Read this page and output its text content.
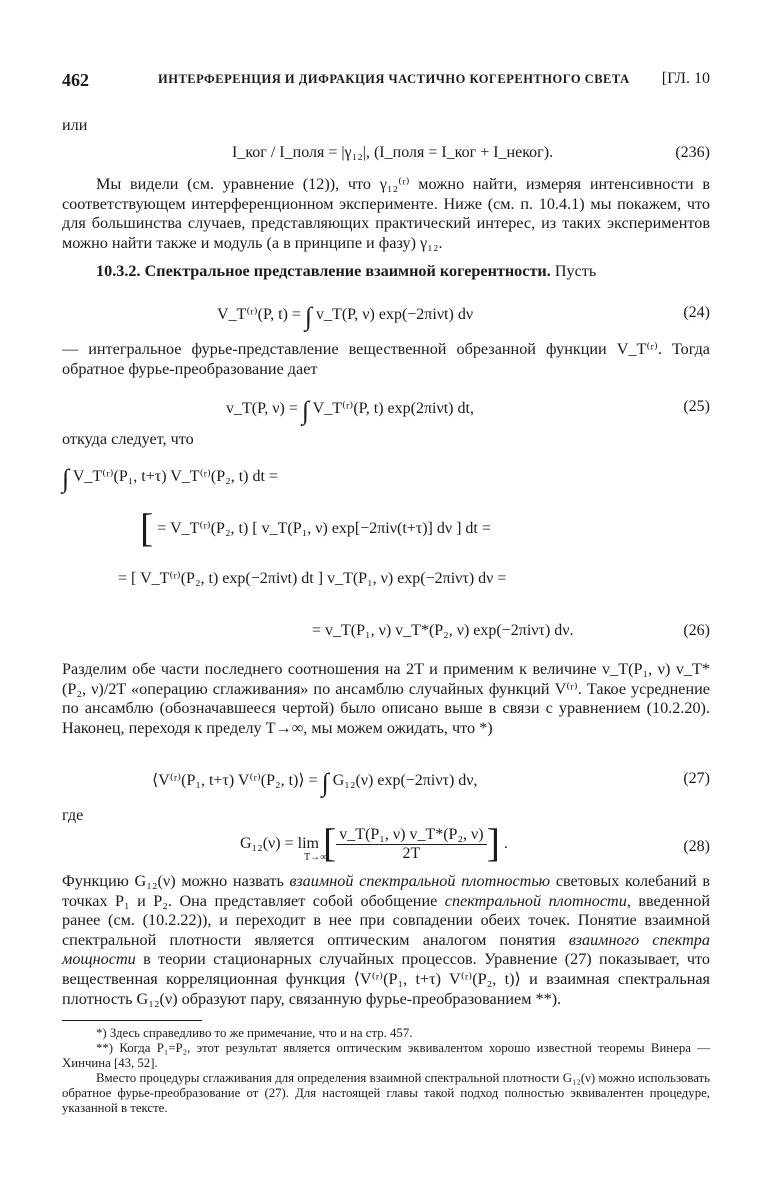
462	ИНТЕРФЕРЕНЦИЯ И ДИФРАКЦИЯ ЧАСТИЧНО КОГЕРЕНТНОГО СВЕТА [ГЛ. 10
или
I_ког / I_поля = |γ₁₂|, (I_поля = I_ког + I_неког).	(236)

Мы видели (см. уравнение (12)), что γ₁₂⁽ʳ⁾ можно найти, измеряя интенсивности в соответствующем интерференционном эксперименте. Ниже (см. п. 10.4.1) мы покажем, что для большинства случаев, представляющих практический интерес, из таких экспериментов можно найти также и модуль (а в принципе и фазу) γ₁₂.

10.3.2. Спектральное представление взаимной когерентности. Пусть

V_T⁽ʳ⁾(P, t) = ∫ v_T(P, ν) exp(−2πiνt) dν	(24)

— интегральное фурье-представление вещественной обрезанной функции V_T⁽ʳ⁾. Тогда обратное фурье-преобразование дает

v_T(P, ν) = ∫ V_T⁽ʳ⁾(P, t) exp(2πiνt) dt,	(25)

откуда следует, что

∫ V_T⁽ʳ⁾(P₁, t+τ) V_T⁽ʳ⁾(P₂, t) dt =
[ = V_T⁽ʳ⁾(P₂, t) [ v_T(P₁, ν) exp[−2πiν(t+τ)] dν ] dt =
= [ V_T⁽ʳ⁾(P₂, t) exp(−2πiνt) dt ] v_T(P₁, ν) exp(−2πiντ) dν =
= v_T(P₁, ν) v_T*(P₂, ν) exp(−2πiντ) dν.	(26)

Разделим обе части последнего соотношения на 2T и применим к величине v_T(P₁, ν) v_T*(P₂, ν)/2T «операцию сглаживания» по ансамблю случайных функций V⁽ʳ⁾. Такое усреднение по ансамблю (обозначавшееся чертой) было описано выше в связи с уравнением (10.2.20). Наконец, переходя к пределу T→∞, мы можем ожидать, что *)

⟨V⁽ʳ⁾(P₁, t+τ) V⁽ʳ⁾(P₂, t)⟩ = ∫ G₁₂(ν) exp(−2πiντ) dν,	(27)
где
G₁₂(ν) = lim [ $\frac{\text{v\_T(P₁, ν) v\_T*(P₂, ν)}}{2T}$ ] .
T→∞
(28)

Функцию G₁₂(ν) можно назвать взаимной спектральной плотностью световых колебаний в точках P₁ и P₂. Она представляет собой обобщение спектральной плотности, введенной ранее (см. (10.2.22)), и переходит в нее при совпадении обеих точек. Понятие взаимной спектральной плотности является оптическим аналогом понятия взаимного спектра мощности в теории стационарных случайных процессов. Уравнение (27) показывает, что вещественная корреляционная функция ⟨V⁽ʳ⁾(P₁, t+τ) V⁽ʳ⁾(P₂, t)⟩ и взаимная спектральная плотность G₁₂(ν) образуют пару, связанную фурье-преобразованием **).

*) Здесь справедливо то же примечание, что и на стр. 457.

**) Когда P₁=P₂, этот результат является оптическим эквивалентом хорошо известной теоремы Винера — Хинчина [43, 52].

Вместо процедуры сглаживания для определения взаимной спектральной плотности G₁₂(ν) можно использовать обратное фурье-преобразование от (27). Для настоящей главы такой подход полностью эквивалентен процедуре, указанной в тексте.
